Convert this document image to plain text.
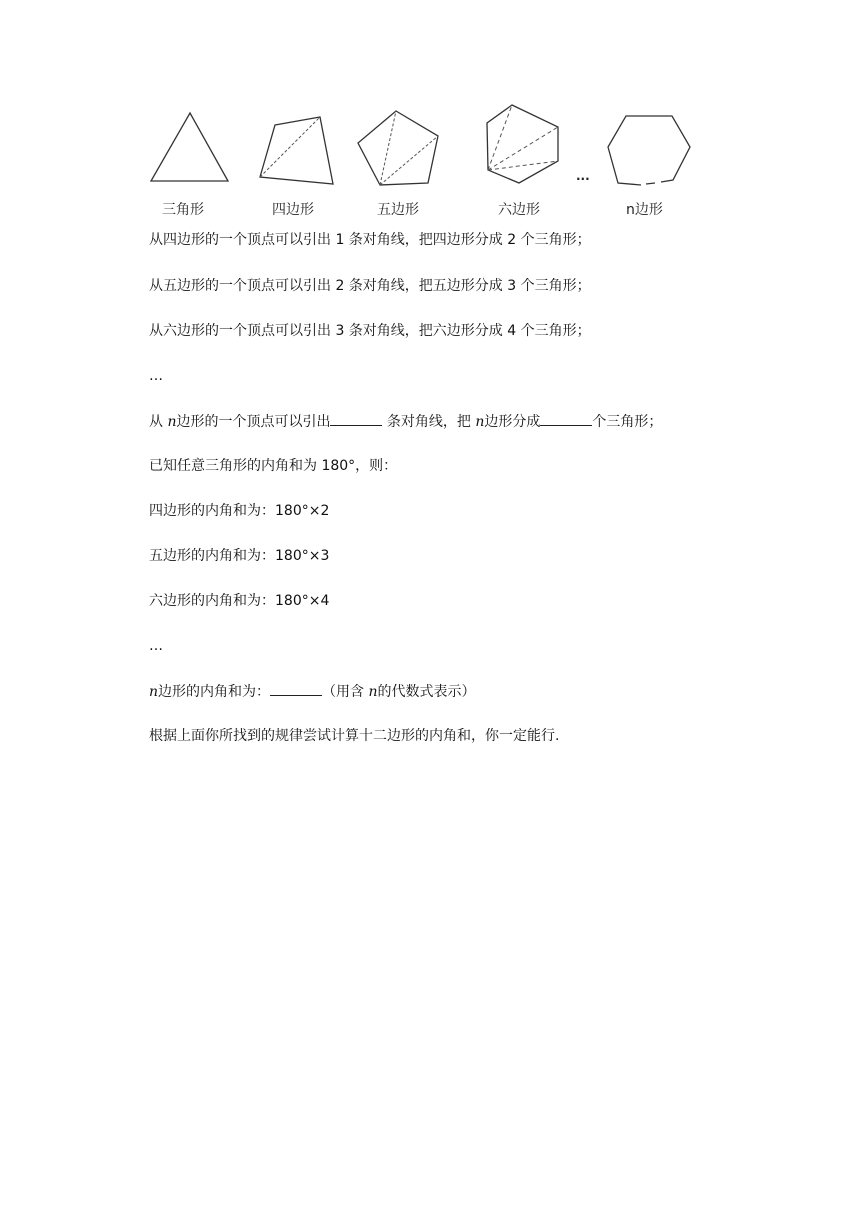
···
三角形	四边形	五边形	六边形	n边形
从四边形的一个顶点可以引出 1 条对角线，把四边形分成 2 个三角形；
从五边形的一个顶点可以引出 2 条对角线，把五边形分成 3 个三角形；
从六边形的一个顶点可以引出 3 条对角线，把六边形分成 4 个三角形；
…
从 n边形的一个顶点可以引出	条对角线，把 n边形分成	个三角形；
已知任意三角形的内角和为 180°，则：
四边形的内角和为：180°×2
五边形的内角和为：180°×3
六边形的内角和为：180°×4
…
n边形的内角和为：	（用含 n的代数式表示）
根据上面你所找到的规律尝试计算十二边形的内角和，你一定能行.
